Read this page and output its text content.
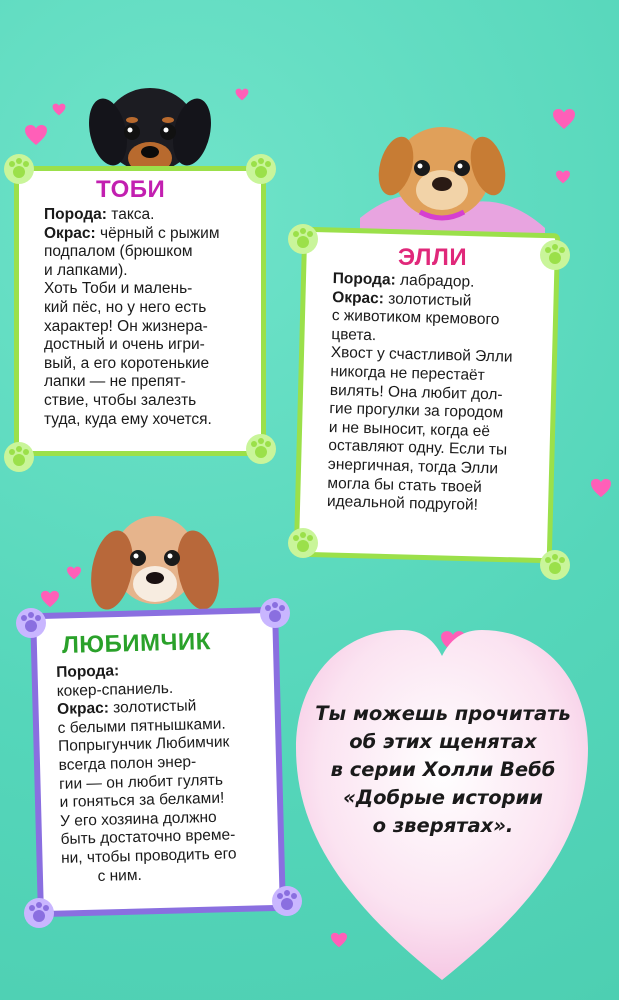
ТОБИ
Порода: такса.
Окрас: чёрный с рыжим
подпалом (брюшком
и лапками).
Хоть Тоби и малень-
кий пёс, но у него есть
характер! Он жизнера-
достный и очень игри-
вый, а его коротенькие
лапки — не препят-
ствие, чтобы залезть
туда, куда ему хочется.
ЭЛЛИ
Порода: лабрадор.
Окрас: золотистый
с животиком кремового
цвета.
Хвост у счастливой Элли
никогда не перестаёт
вилять! Она любит дол-
гие прогулки за городом
и не выносит, когда её
оставляют одну. Если ты
энергичная, тогда Элли
могла бы стать твоей
идеальной подругой!
ЛЮБИМЧИК
Порода:
кокер-спаниель.
Окрас: золотистый
с белыми пятнышками.
Попрыгунчик Любимчик
всегда полон энер-
гии — он любит гулять
и гоняться за белками!
У его хозяина должно
быть достаточно време-
ни, чтобы проводить его
с ним.
Ты можешь прочитать
об этих щенятах
в серии Холли Вебб
«Добрые истории
о зверятах».
